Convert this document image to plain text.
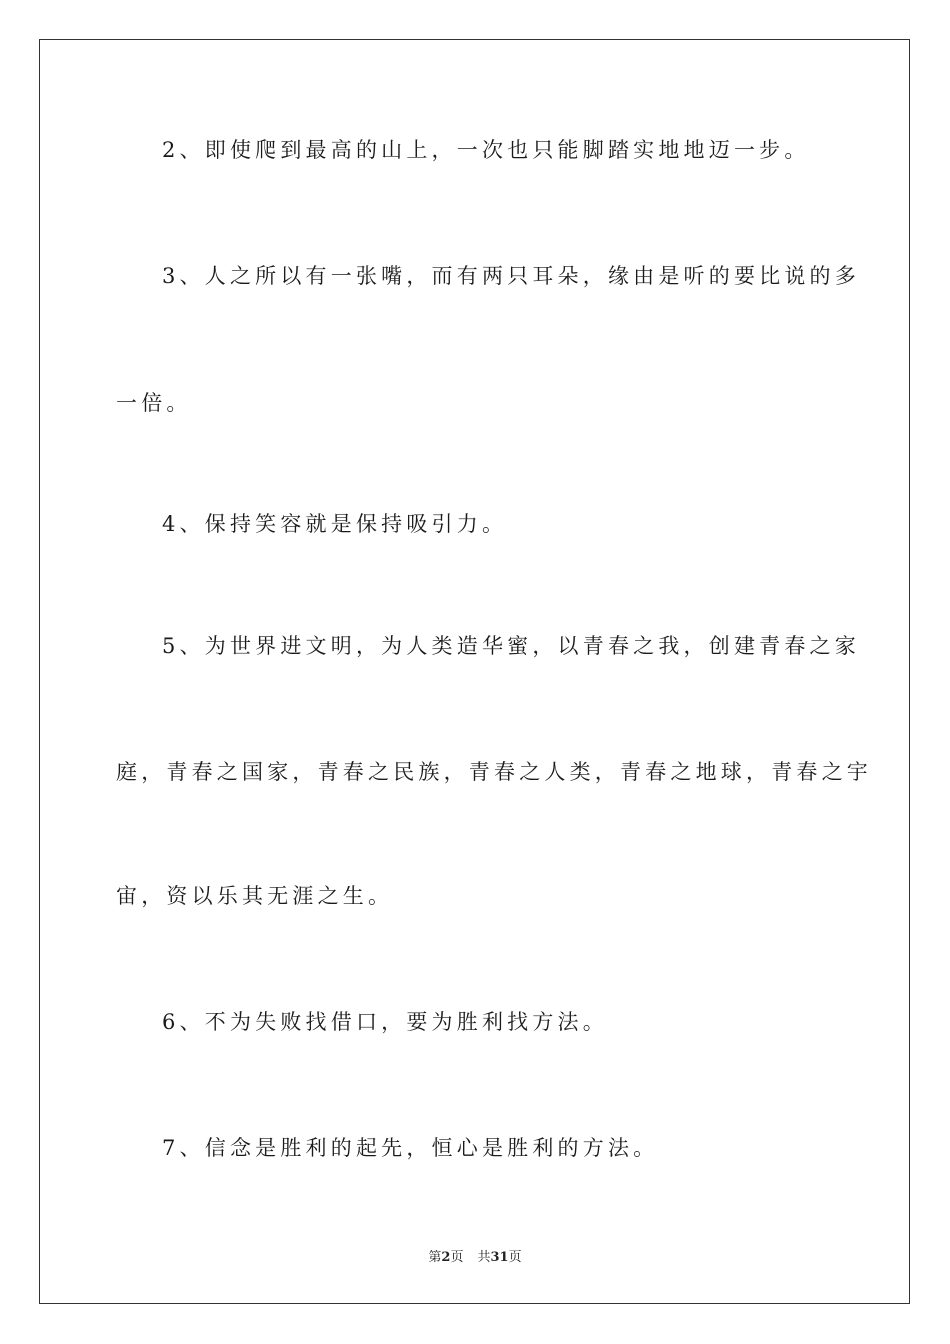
2、即使爬到最高的山上，一次也只能脚踏实地地迈一步。
3、人之所以有一张嘴，而有两只耳朵，缘由是听的要比说的多
一倍。
4、保持笑容就是保持吸引力。
5、为世界进文明，为人类造华蜜，以青春之我，创建青春之家
庭，青春之国家，青春之民族，青春之人类，青春之地球，青春之宇
宙，资以乐其无涯之生。
6、不为失败找借口，要为胜利找方法。
7、信念是胜利的起先，恒心是胜利的方法。
第2页 共31页
